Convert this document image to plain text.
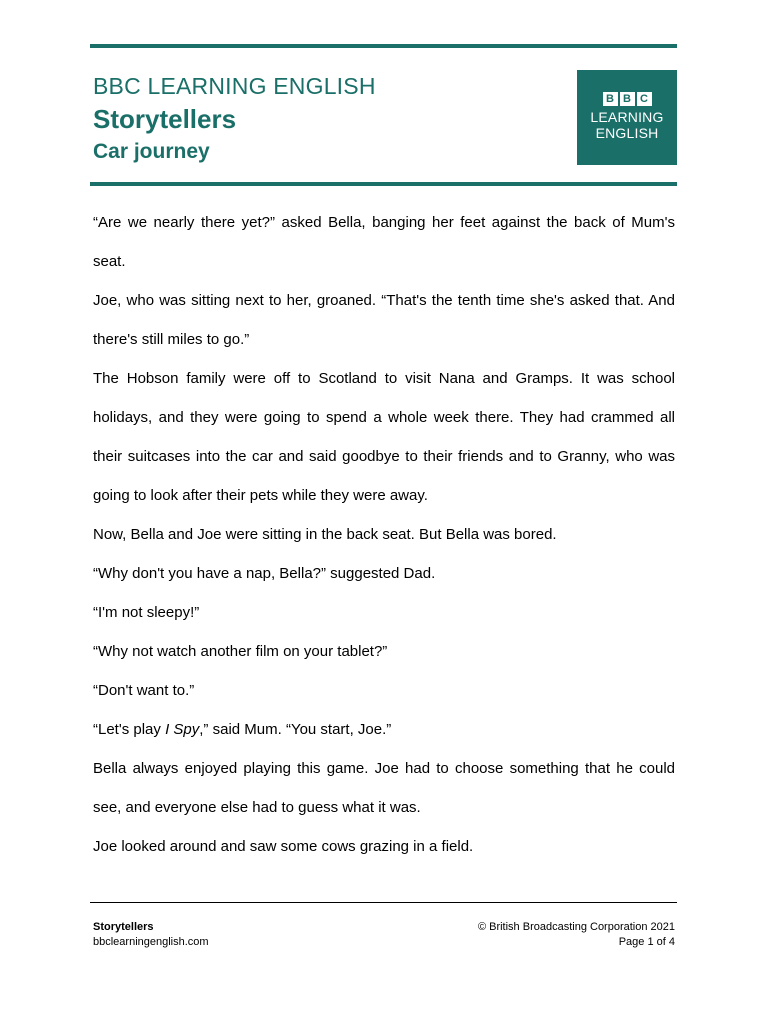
BBC LEARNING ENGLISH
Storytellers
Car journey
B B C
LEARNING
ENGLISH

“Are we nearly there yet?” asked Bella, banging her feet against the back of Mum's seat.

Joe, who was sitting next to her, groaned. “That's the tenth time she's asked that. And there's still miles to go.”

The Hobson family were off to Scotland to visit Nana and Gramps. It was school holidays, and they were going to spend a whole week there. They had crammed all their suitcases into the car and said goodbye to their friends and to Granny, who was going to look after their pets while they were away.

Now, Bella and Joe were sitting in the back seat. But Bella was bored.

“Why don't you have a nap, Bella?” suggested Dad.

“I'm not sleepy!”

“Why not watch another film on your tablet?”

“Don't want to.”

“Let's play I Spy,” said Mum. “You start, Joe.”

Bella always enjoyed playing this game. Joe had to choose something that he could see, and everyone else had to guess what it was.

Joe looked around and saw some cows grazing in a field.

Storytellers
bbclearningenglish.com
© British Broadcasting Corporation 2021
Page 1 of 4
